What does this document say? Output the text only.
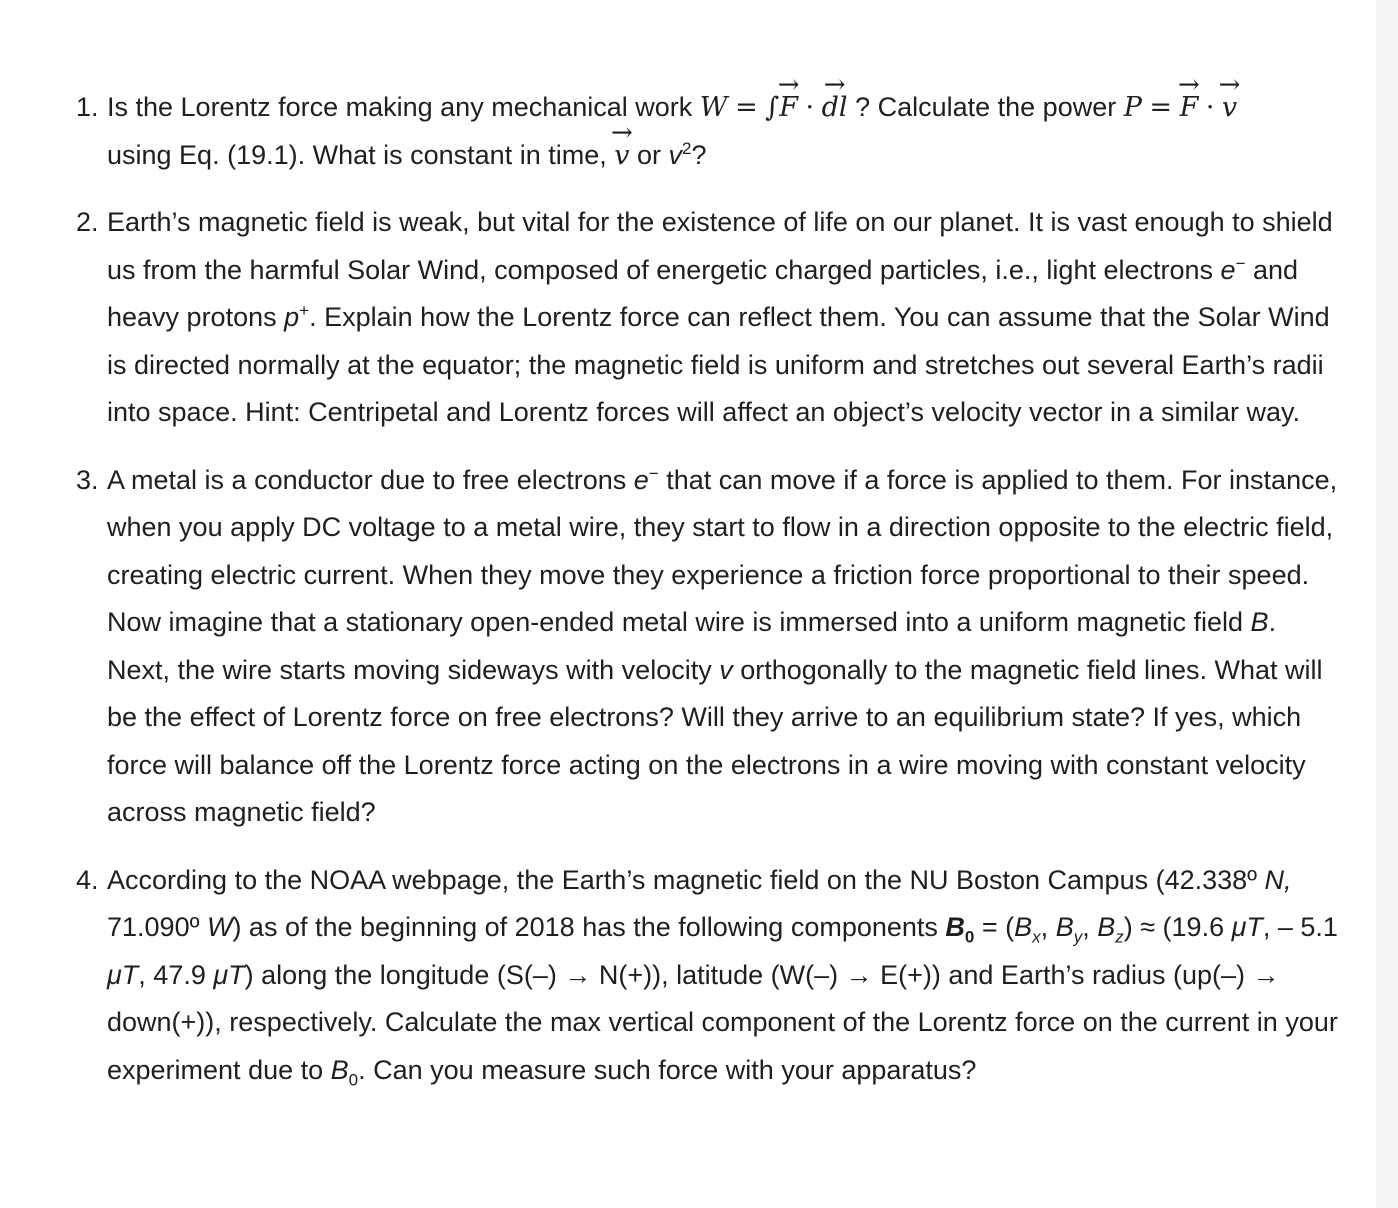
1. Is the Lorentz force making any mechanical work W = ∫→ F · → dl ? Calculate the power P = → F · → v
using Eq. (19.1). What is constant in time, → v or $v^2$?
2. Earth’s magnetic field is weak, but vital for the existence of life on our planet. It is vast enough to shield us from the harmful Solar Wind, composed of energetic charged particles, i.e., light electrons e− and heavy protons p+. Explain how the Lorentz force can reflect them. You can assume that the Solar Wind is directed normally at the equator; the magnetic field is uniform and stretches out several Earth’s radii into space. Hint: Centripetal and Lorentz forces will affect an object’s velocity vector in a similar way.
3. A metal is a conductor due to free electrons e− that can move if a force is applied to them. For instance, when you apply DC voltage to a metal wire, they start to flow in a direction opposite to the electric field, creating electric current. When they move they experience a friction force proportional to their speed. Now imagine that a stationary open-ended metal wire is immersed into a uniform magnetic field B. Next, the wire starts moving sideways with velocity v orthogonally to the magnetic field lines. What will be the effect of Lorentz force on free electrons? Will they arrive to an equilibrium state? If yes, which force will balance off the Lorentz force acting on the electrons in a wire moving with constant velocity across magnetic field?
4. According to the NOAA webpage, the Earth’s magnetic field on the NU Boston Campus (42.338º N, 71.090º W) as of the beginning of 2018 has the following components $B_0 = (B_x$, $B_y$, $B_z) \approx (19.6$ μT, – 5.1 μT, 47.9 μT) along the longitude (S(–) → N(+)), latitude (W(–) → E(+)) and Earth’s radius (up(–) → down(+)), respectively. Calculate the max vertical component of the Lorentz force on the current in your experiment due to $B_0$. Can you measure such force with your apparatus?
